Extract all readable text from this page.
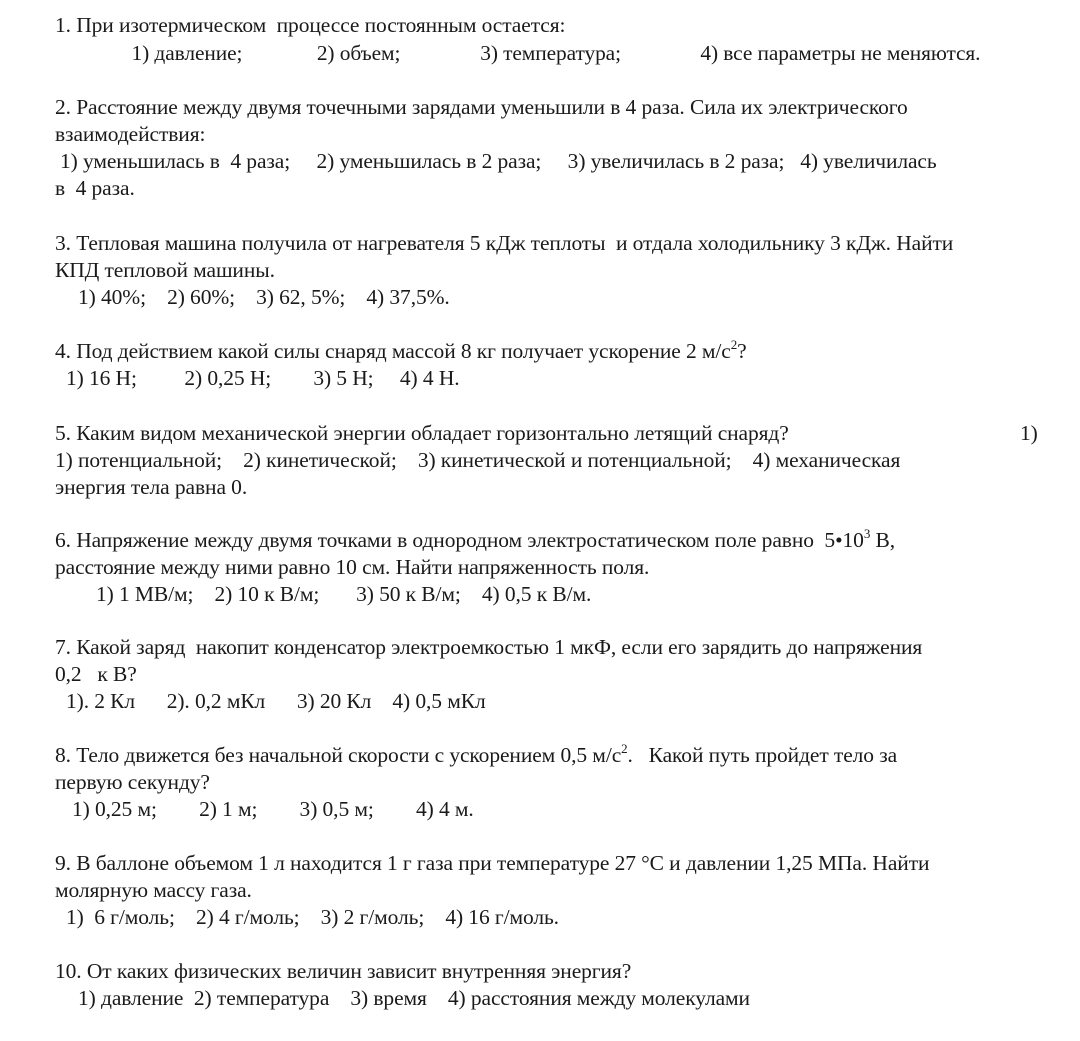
1. При изотермическом  процессе постоянным остается:

1) давление;

	2) объем;

	3) температура;

	4) все параметры не меняются.

2. Расстояние между двумя точечными зарядами уменьшили в 4 раза. Сила их электрического
взаимодействия:
1) уменьшилась в  4 раза;     2) уменьшилась в 2 раза;     3) увеличилась в 2 раза;   4) увеличилась
в  4 раза.
3. Тепловая машина получила от нагревателя 5 кДж теплоты  и отдала холодильнику 3 кДж. Найти
КПД тепловой машины.
1) 40%;    2) 60%;    3) 62, 5%;    4) 37,5%.
4. Под действием какой силы снаряд массой 8 кг получает ускорение 2 $м/с^2$?
1) 16 Н;         2) 0,25 Н;        3) 5 Н;     4) 4 Н.
5. Каким видом механической энергии обладает горизонтально летящий снаряд?	1)
1) потенциальной;    2) кинетической;    3) кинетической и потенциальной;    4) механическая
энергия тела равна 0.
6. Напряжение между двумя точками в однородном электростатическом поле равно  $5•10^3$ В,
расстояние между ними равно 10 см. Найти напряженность поля.
1) 1 МВ/м;    2) 10 к В/м;       3) 50 к В/м;    4) 0,5 к В/м.
7. Какой заряд  накопит конденсатор электроемкостью 1 мкФ, если его зарядить до напряжения
0,2   к В?
1). 2 Кл      2). 0,2 мКл      3) 20 Кл    4) 0,5 мКл
8. Тело движется без начальной скорости с ускорением 0,5 $м/с^2$.   Какой путь пройдет тело за
первую секунду?
1) 0,25 м;        2) 1 м;        3) 0,5 м;        4) 4 м.
9. В баллоне объемом 1 л находится 1 г газа при температуре 27 °С и давлении 1,25 МПа. Найти
молярную массу газа.
1)  6 г/моль;    2) 4 г/моль;    3) 2 г/моль;    4) 16 г/моль.
10. От каких физических величин зависит внутренняя энергия?
1) давление  2) температура    3) время    4) расстояния между молекулами
